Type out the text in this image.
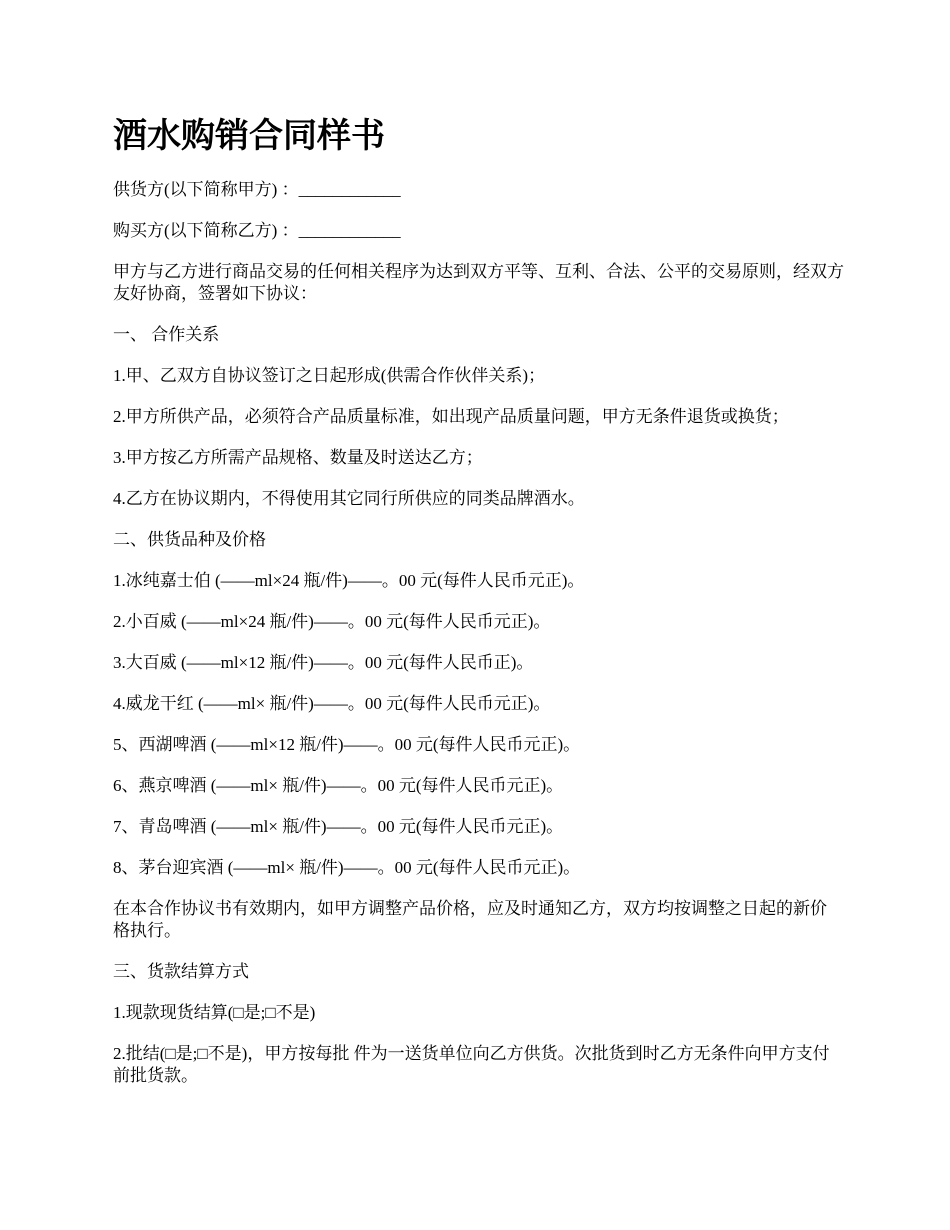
酒水购销合同样书

供货方(以下简称甲方) ：____________

购买方(以下简称乙方) ：____________

甲方与乙方进行商品交易的任何相关程序为达到双方平等、互利、合法、公平的交易原则，经双方友好协商，签署如下协议：

一、 合作关系

1.甲、乙双方自协议签订之日起形成(供需合作伙伴关系)；

2.甲方所供产品，必须符合产品质量标准，如出现产品质量问题，甲方无条件退货或换货；

3.甲方按乙方所需产品规格、数量及时送达乙方；

4.乙方在协议期内，不得使用其它同行所供应的同类品牌酒水。

二、供货品种及价格

1.冰纯嘉士伯 (——ml×24 瓶/件)——。00 元(每件人民币元正)。

2.小百威 (——ml×24 瓶/件)——。00 元(每件人民币元正)。

3.大百威 (——ml×12 瓶/件)——。00 元(每件人民币正)。

4.威龙干红 (——ml× 瓶/件)——。00 元(每件人民币元正)。

5、西湖啤酒 (——ml×12 瓶/件)——。00 元(每件人民币元正)。

6、燕京啤酒 (——ml× 瓶/件)——。00 元(每件人民币元正)。

7、青岛啤酒 (——ml× 瓶/件)——。00 元(每件人民币元正)。

8、茅台迎宾酒 (——ml× 瓶/件)——。00 元(每件人民币元正)。

在本合作协议书有效期内，如甲方调整产品价格，应及时通知乙方，双方均按调整之日起的新价格执行。

三、货款结算方式

1.现款现货结算(□是;□不是)

2.批结(□是;□不是)，甲方按每批 件为一送货单位向乙方供货。次批货到时乙方无条件向甲方支付前批货款。
